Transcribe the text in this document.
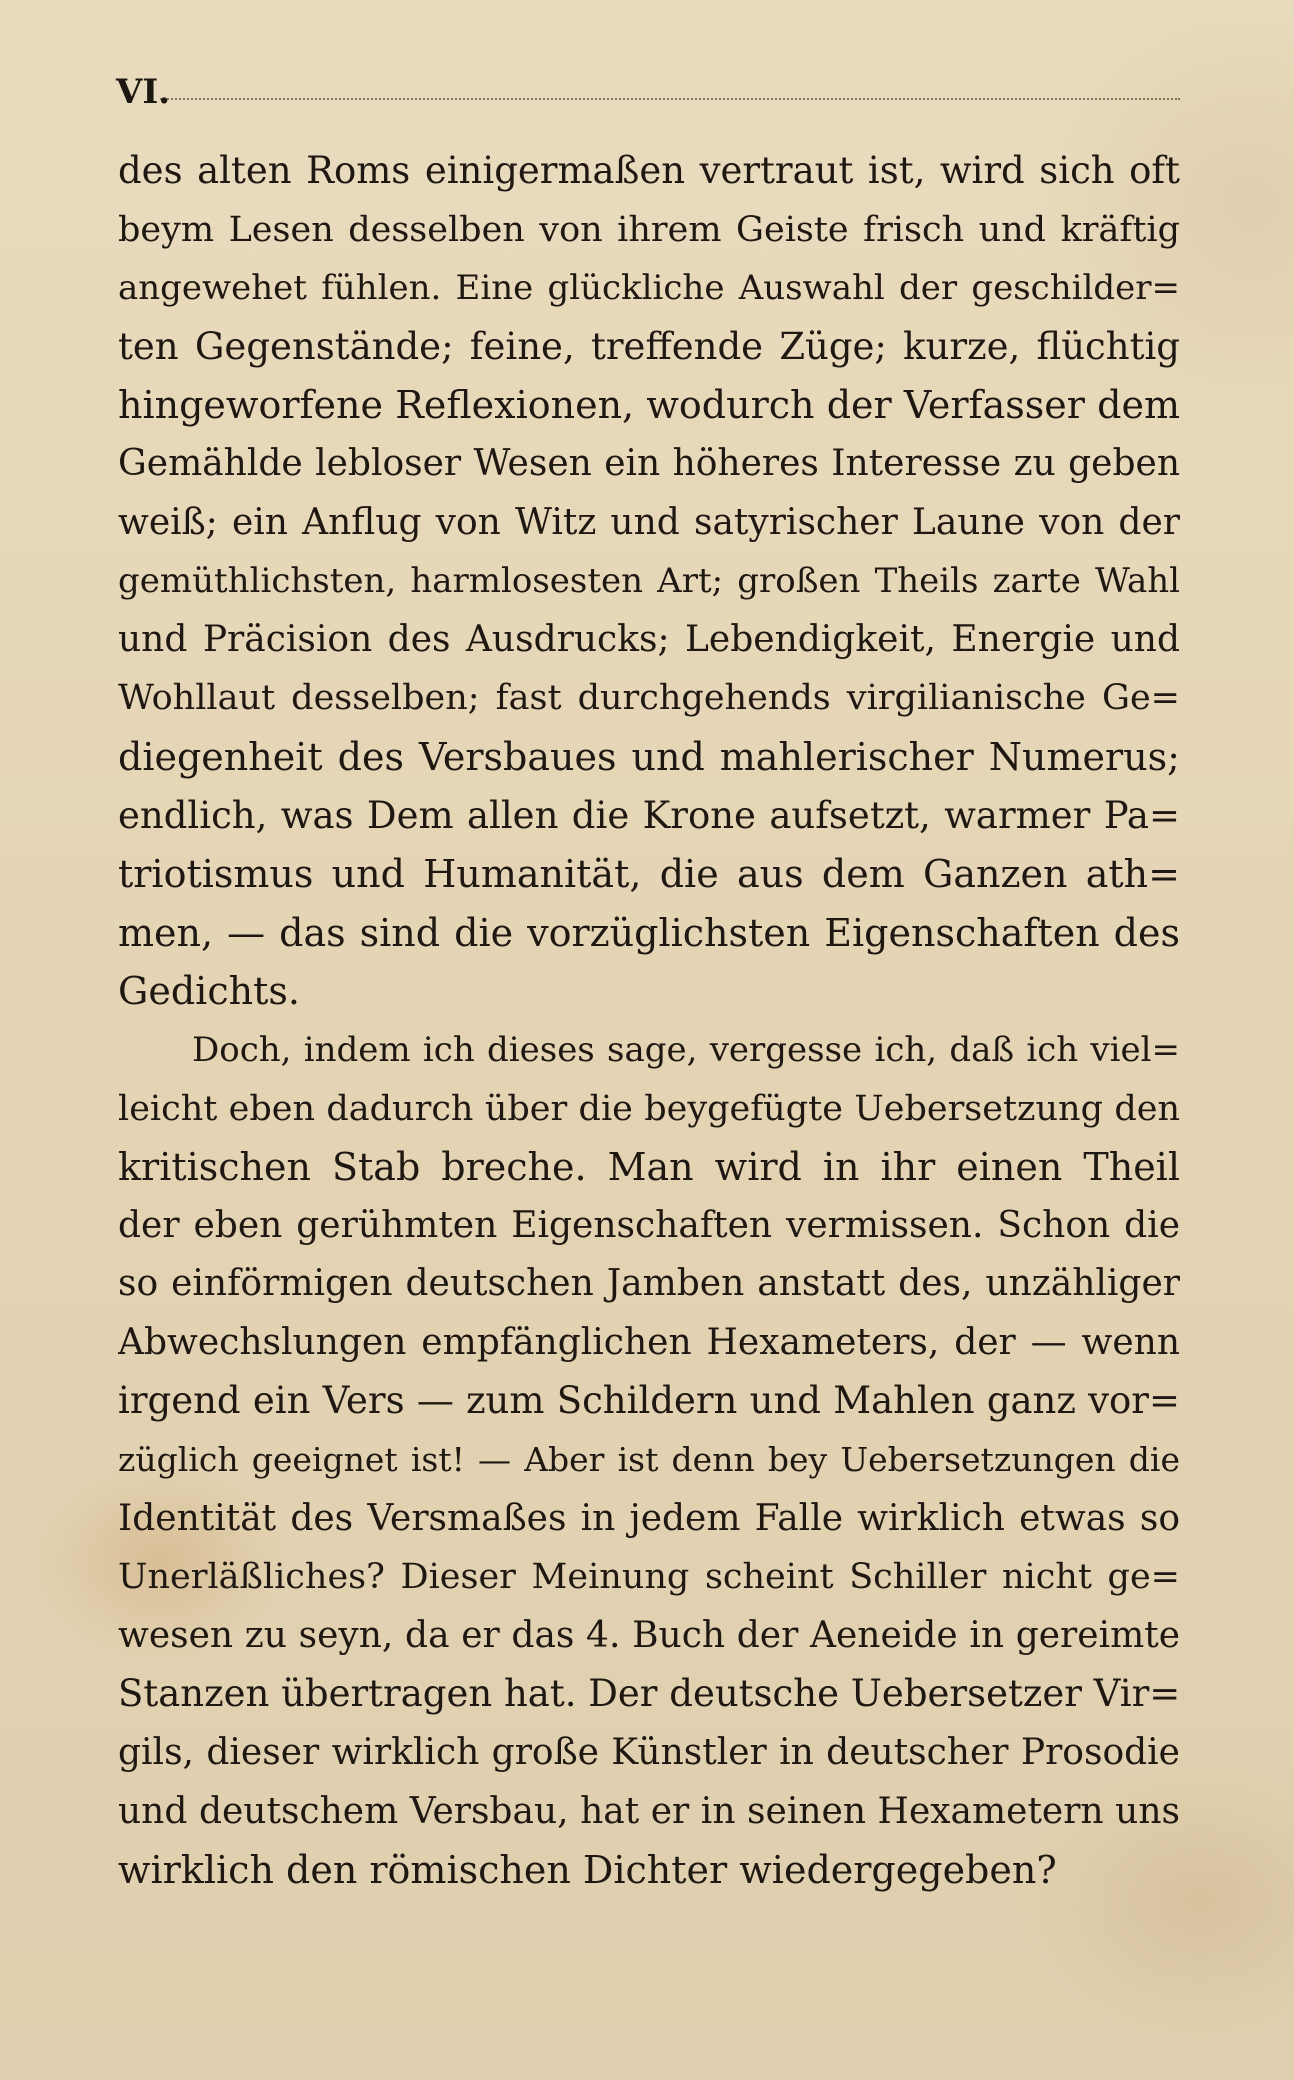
VI.
des alten Roms einigermaßen vertraut ist, wird sich oft
beym Lesen desselben von ihrem Geiste frisch und kräftig
angewehet fühlen. Eine glückliche Auswahl der geschilder=
ten Gegenstände; feine, treffende Züge; kurze, flüchtig
hingeworfene Reflexionen, wodurch der Verfasser dem
Gemählde lebloser Wesen ein höheres Interesse zu geben
weiß; ein Anflug von Witz und satyrischer Laune von der
gemüthlichsten, harmlosesten Art; großen Theils zarte Wahl
und Präcision des Ausdrucks; Lebendigkeit, Energie und
Wohllaut desselben; fast durchgehends virgilianische Ge=
diegenheit des Versbaues und mahlerischer Numerus;
endlich, was Dem allen die Krone aufsetzt, warmer Pa=
triotismus und Humanität, die aus dem Ganzen ath=
men, — das sind die vorzüglichsten Eigenschaften des
Gedichts.
Doch, indem ich dieses sage, vergesse ich, daß ich viel=
leicht eben dadurch über die beygefügte Uebersetzung den
kritischen Stab breche. Man wird in ihr einen Theil
der eben gerühmten Eigenschaften vermissen. Schon die
so einförmigen deutschen Jamben anstatt des, unzähliger
Abwechslungen empfänglichen Hexameters, der — wenn
irgend ein Vers — zum Schildern und Mahlen ganz vor=
züglich geeignet ist! — Aber ist denn bey Uebersetzungen die
Identität des Versmaßes in jedem Falle wirklich etwas so
Unerläßliches? Dieser Meinung scheint Schiller nicht ge=
wesen zu seyn, da er das 4. Buch der Aeneide in gereimte
Stanzen übertragen hat. Der deutsche Uebersetzer Vir=
gils, dieser wirklich große Künstler in deutscher Prosodie
und deutschem Versbau, hat er in seinen Hexametern uns
wirklich den römischen Dichter wiedergegeben?
